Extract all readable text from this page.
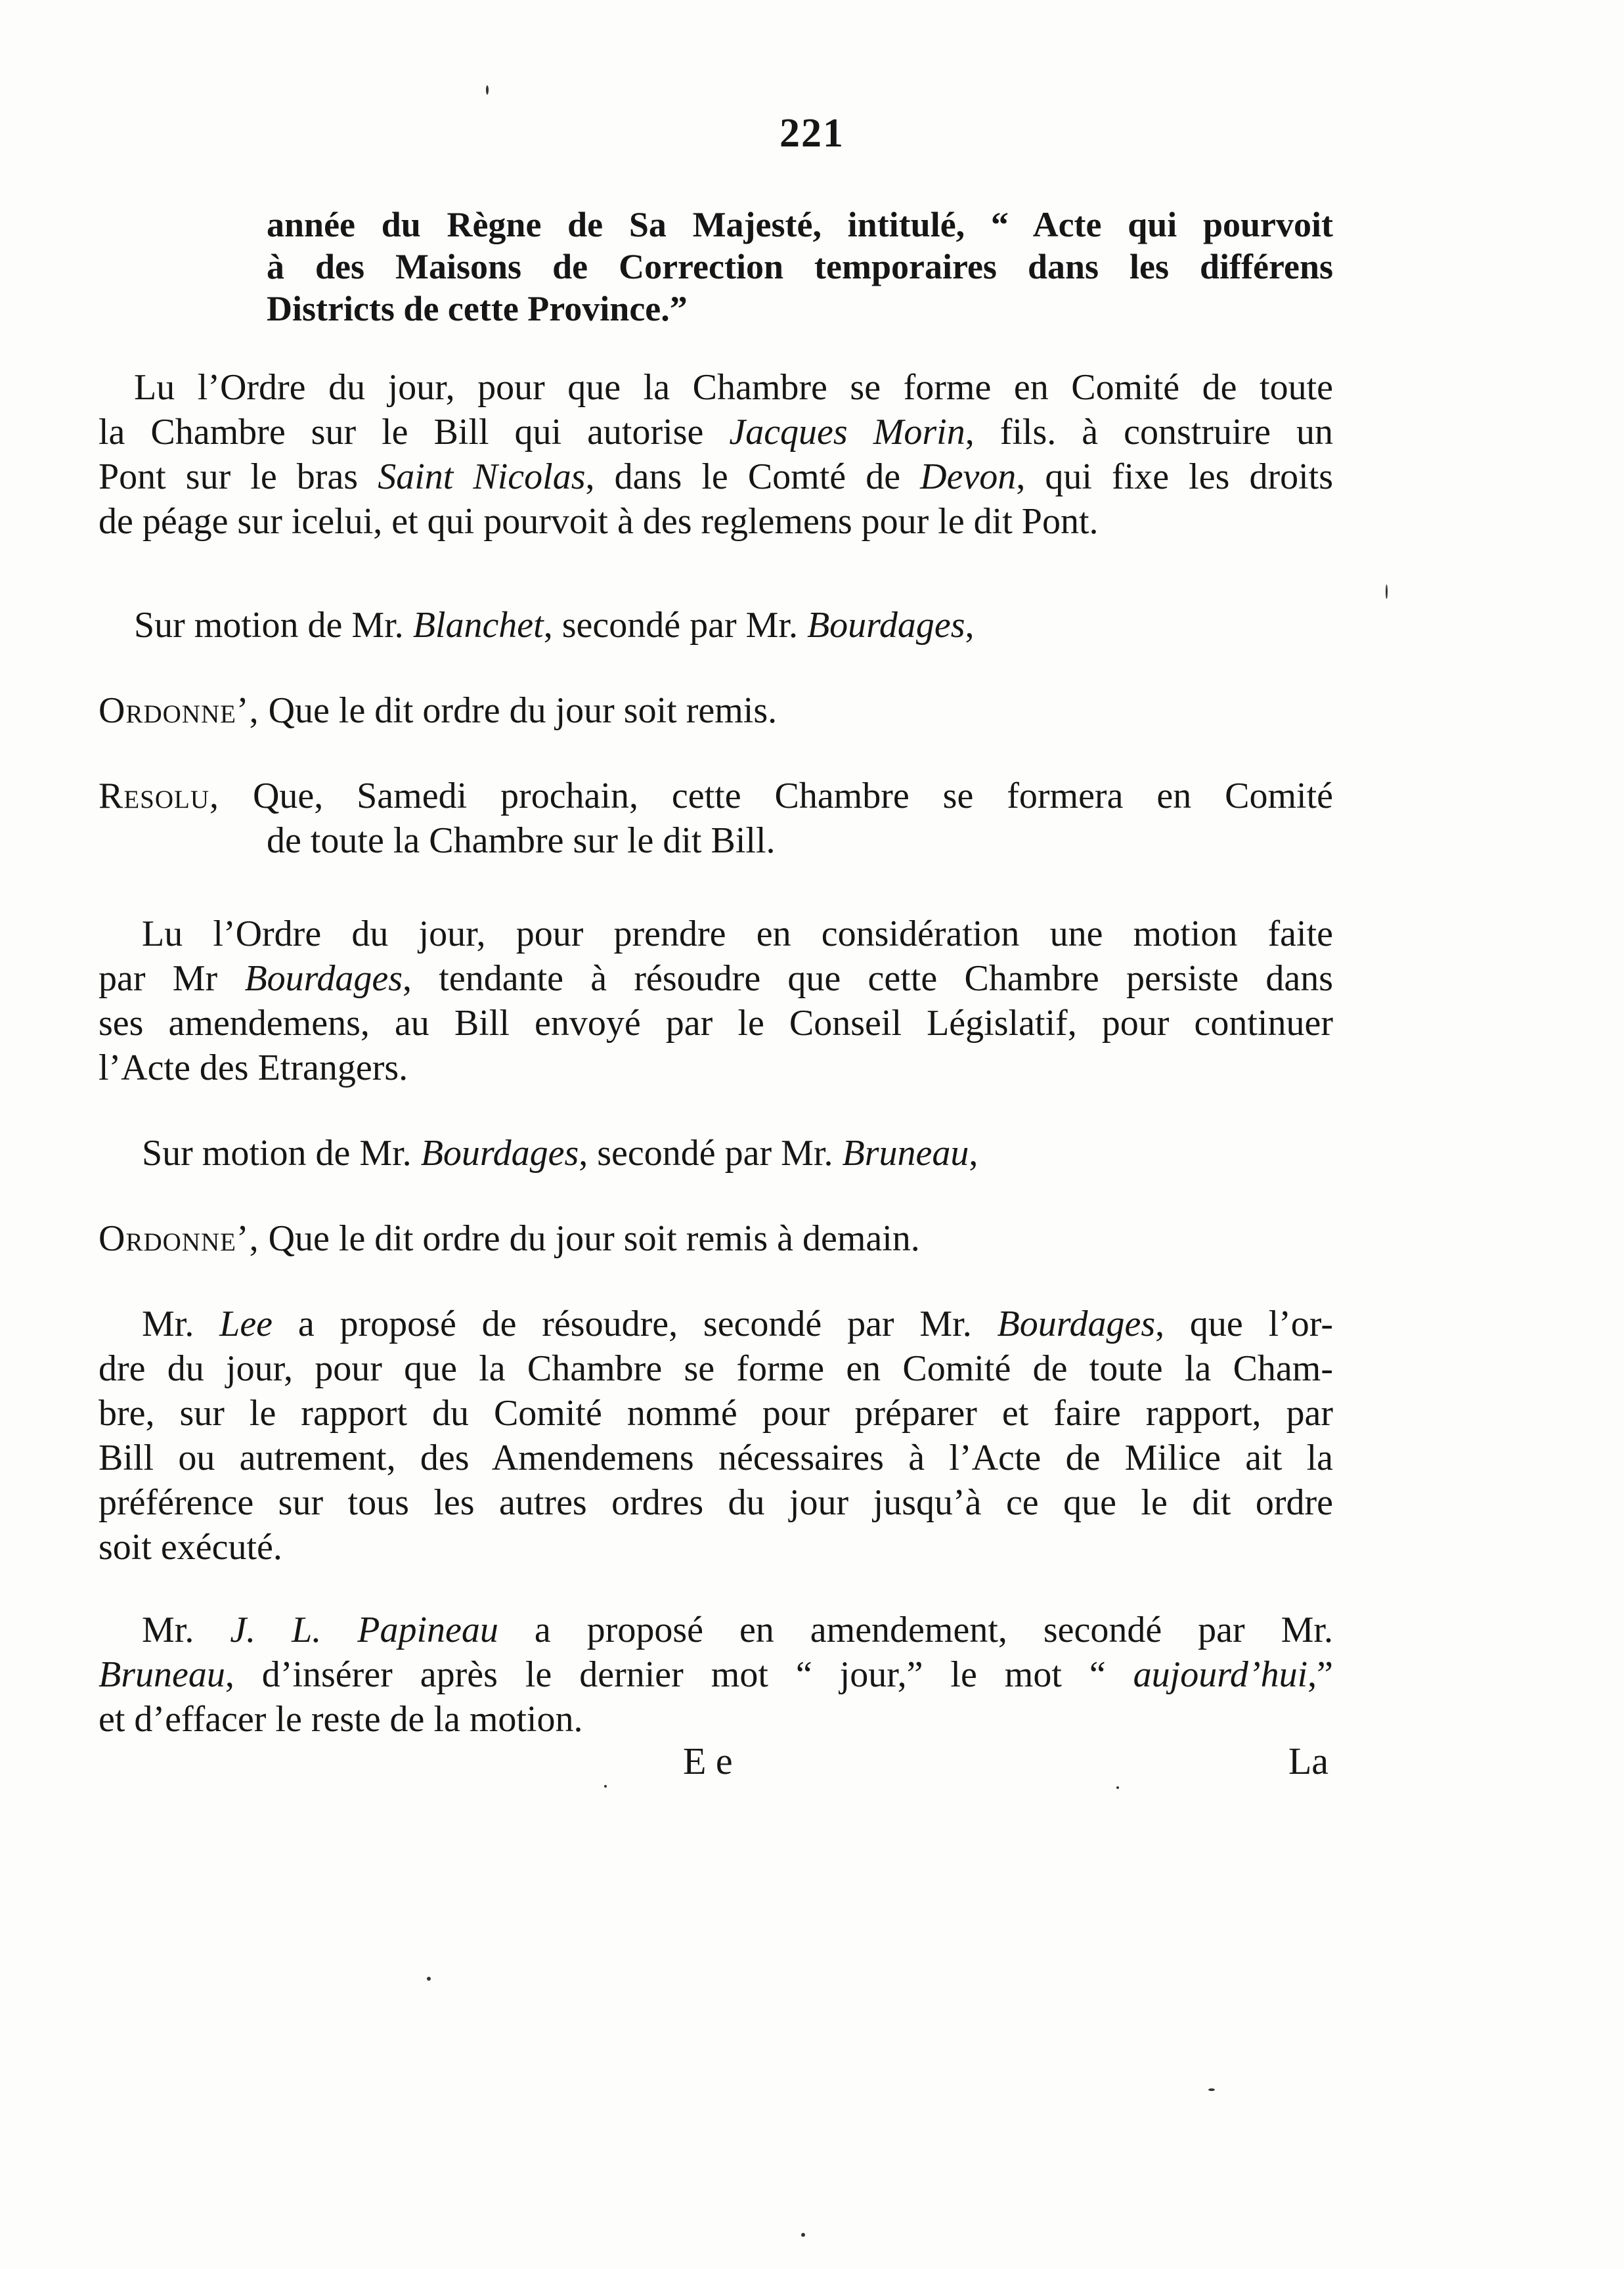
221
année du Règne de Sa Majesté, intitulé, “ Acte qui pourvoit
à des Maisons de Correction temporaires dans les différens
Districts de cette Province.”
Lu l’Ordre du jour, pour que la Chambre se forme en Comité de toute
la Chambre sur le Bill qui autorise Jacques Morin, fils. à construire un
Pont sur le bras Saint Nicolas, dans le Comté de Devon, qui fixe les droits
de péage sur icelui, et qui pourvoit à des reglemens pour le dit Pont.
Sur motion de Mr. Blanchet, secondé par Mr. Bourdages,
Ordonne’, Que le dit ordre du jour soit remis.
Resolu, Que, Samedi prochain, cette Chambre se formera en Comité
de toute la Chambre sur le dit Bill.
Lu l’Ordre du jour, pour prendre en considération une motion faite
par Mr Bourdages, tendante à résoudre que cette Chambre persiste dans
ses amendemens, au Bill envoyé par le Conseil Législatif, pour continuer
l’Acte des Etrangers.
Sur motion de Mr. Bourdages, secondé par Mr. Bruneau,
Ordonne’, Que le dit ordre du jour soit remis à demain.
Mr. Lee a proposé de résoudre, secondé par Mr. Bourdages, que l’or-
dre du jour, pour que la Chambre se forme en Comité de toute la Cham-
bre, sur le rapport du Comité nommé pour préparer et faire rapport, par
Bill ou autrement, des Amendemens nécessaires à l’Acte de Milice ait la
préférence sur tous les autres ordres du jour jusqu’à ce que le dit ordre
soit exécuté.
Mr. J. L. Papineau a proposé en amendement, secondé par Mr.
Bruneau, d’insérer après le dernier mot “ jour,” le mot “ aujourd’hui,”
et d’effacer le reste de la motion.
E e	La
